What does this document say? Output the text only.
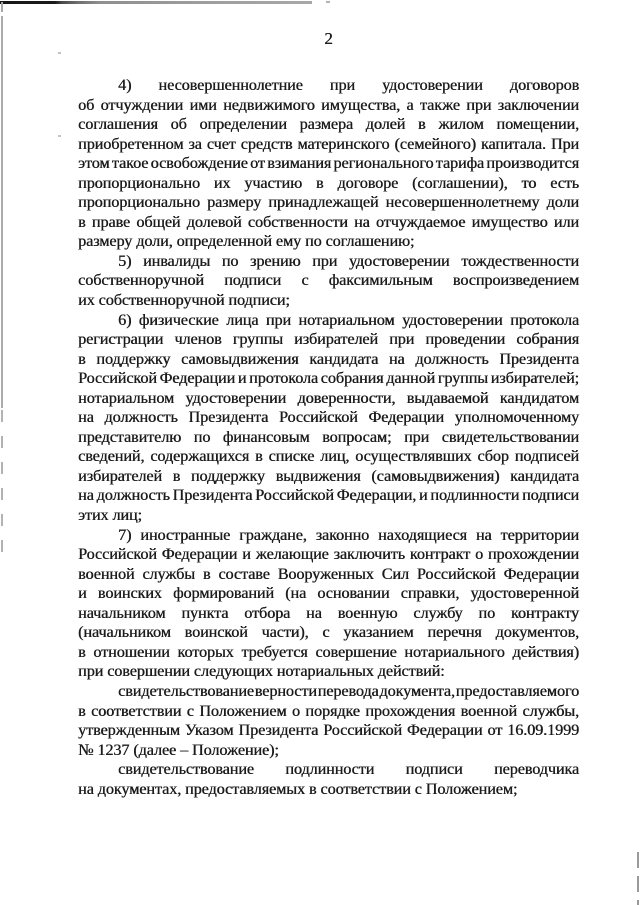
2
4) несовершеннолетние при удостоверении договоров
об отчуждении ими недвижимого имущества, а также при заключении
соглашения об определении размера долей в жилом помещении,
приобретенном за счет средств материнского (семейного) капитала. При
этом такое освобождение от взимания регионального тарифа производится
пропорционально их участию в договоре (соглашении), то есть
пропорционально размеру принадлежащей несовершеннолетнему доли
в праве общей долевой собственности на отчуждаемое имущество или
размеру доли, определенной ему по соглашению;
5) инвалиды по зрению при удостоверении тождественности
собственноручной подписи с факсимильным воспроизведением
их собственноручной подписи;
6) физические лица при нотариальном удостоверении протокола
регистрации членов группы избирателей при проведении собрания
в поддержку самовыдвижения кандидата на должность Президента
Российской Федерации и протокола собрания данной группы избирателей;
нотариальном удостоверении доверенности, выдаваемой кандидатом
на должность Президента Российской Федерации уполномоченному
представителю по финансовым вопросам; при свидетельствовании
сведений, содержащихся в списке лиц, осуществлявших сбор подписей
избирателей в поддержку выдвижения (самовыдвижения) кандидата
на должность Президента Российской Федерации, и подлинности подписи
этих лиц;
7) иностранные граждане, законно находящиеся на территории
Российской Федерации и желающие заключить контракт о прохождении
военной службы в составе Вооруженных Сил Российской Федерации
и воинских формирований (на основании справки, удостоверенной
начальником пункта отбора на военную службу по контракту
(начальником воинской части), с указанием перечня документов,
в отношении которых требуется совершение нотариального действия)
при совершении следующих нотариальных действий:
свидетельствование верности перевода документа, предоставляемого
в соответствии с Положением о порядке прохождения военной службы,
утвержденным Указом Президента Российской Федерации от 16.09.1999
№ 1237 (далее – Положение);
свидетельствование подлинности подписи переводчика
на документах, предоставляемых в соответствии с Положением;
